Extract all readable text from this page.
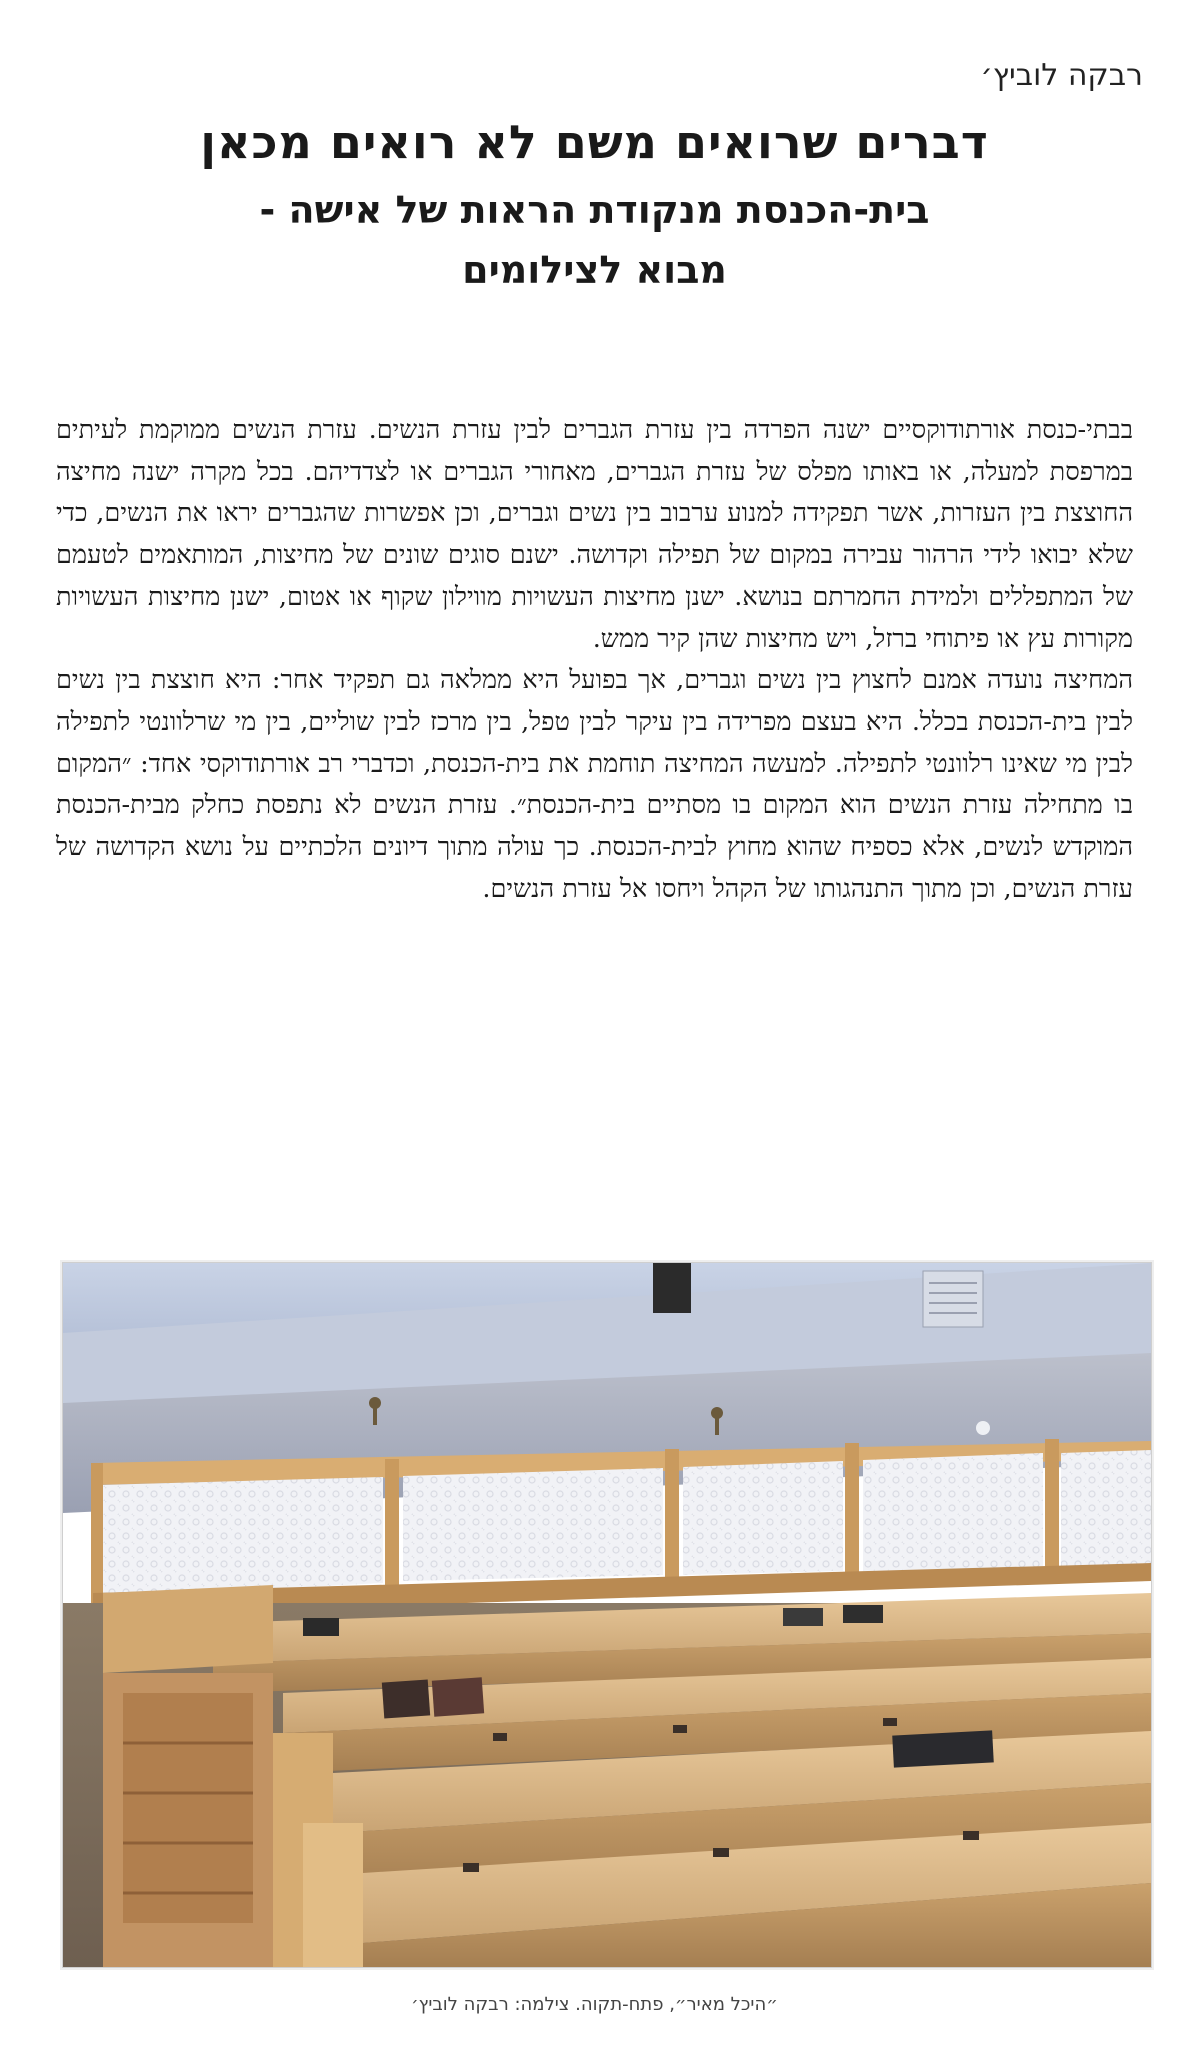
רבקה לוביץ׳
דברים שרואים משם לא רואים מכאן
בית-הכנסת מנקודת הראות של אישה -
מבוא לצילומים

בבתי-כנסת אורתודוקסיים ישנה הפרדה בין עזרת הגברים לבין עזרת הנשים. עזרת הנשים ממוקמת לעיתים במרפסת למעלה, או באותו מפלס של עזרת הגברים, מאחורי הגברים או לצדדיהם. בכל מקרה ישנה מחיצה החוצצת בין העזרות, אשר תפקידה למנוע ערבוב בין נשים וגברים, וכן אפשרות שהגברים יראו את הנשים, כדי שלא יבואו לידי הרהור עבירה במקום של תפילה וקדושה. ישנם סוגים שונים של מחיצות, המותאמים לטעמם של המתפללים ולמידת החמרתם בנושא. ישנן מחיצות העשויות מווילון שקוף או אטום, ישנן מחיצות העשויות מקורות עץ או פיתוחי ברזל, ויש מחיצות שהן קיר ממש.

המחיצה נועדה אמנם לחצוץ בין נשים וגברים, אך בפועל היא ממלאה גם תפקיד אחר: היא חוצצת בין נשים לבין בית-הכנסת בכלל. היא בעצם מפרידה בין עיקר לבין טפל, בין מרכז לבין שוליים, בין מי שרלוונטי לתפילה לבין מי שאינו רלוונטי לתפילה. למעשה המחיצה תוחמת את בית-הכנסת, וכדברי רב אורתודוקסי אחד: ״המקום בו מתחילה עזרת הנשים הוא המקום בו מסתיים בית-הכנסת״. עזרת הנשים לא נתפסת כחלק מבית-הכנסת המוקדש לנשים, אלא כספיח שהוא מחוץ לבית-הכנסת. כך עולה מתוך דיונים הלכתיים על נושא הקדושה של עזרת הנשים, וכן מתוך התנהגותו של הקהל ויחסו אל עזרת הנשים.

״היכל מאיר״, פתח-תקוה. צילמה: רבקה לוביץ׳
